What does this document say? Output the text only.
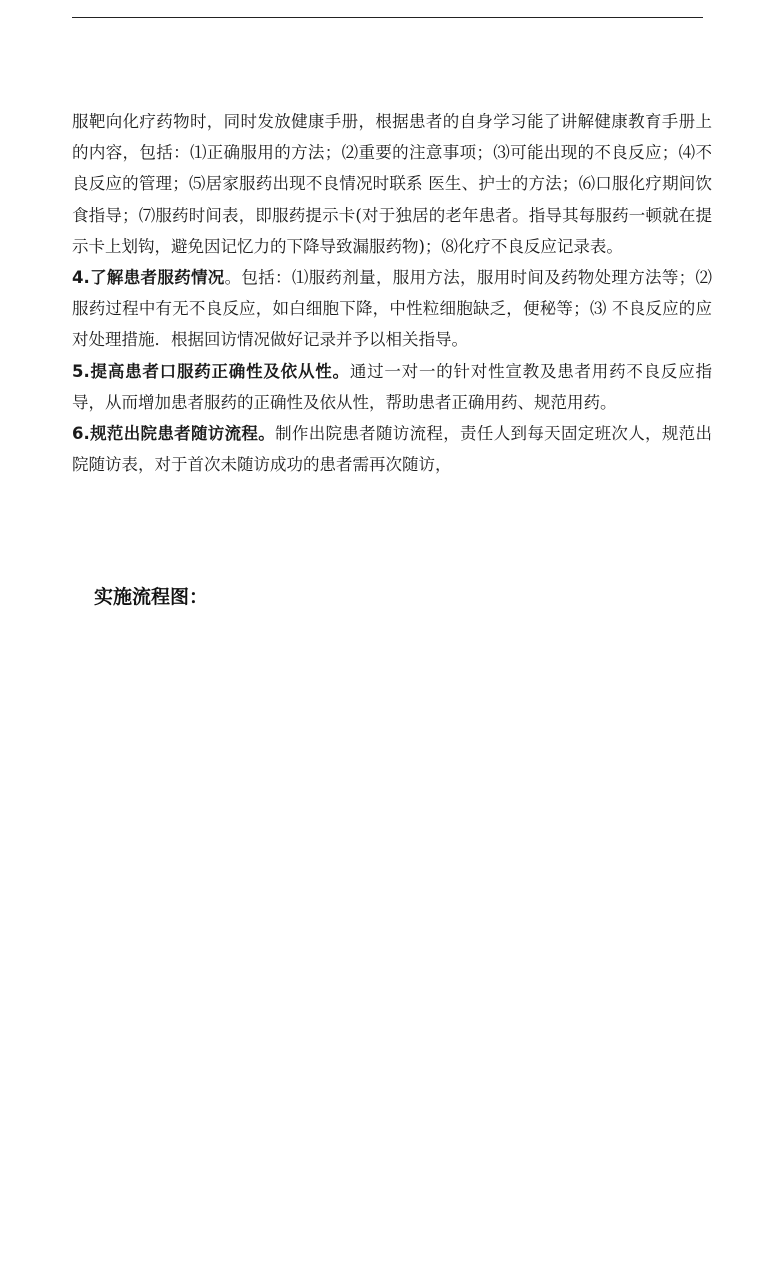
服靶向化疗药物时，同时发放健康手册，根据患者的自身学习能了讲解健康教育手册上的内容，包括：⑴正确服用的方法；⑵重要的注意事项；⑶可能出现的不良反应；⑷不良反应的管理；⑸居家服药出现不良情况时联系 医生、护士的方法；⑹口服化疗期间饮食指导；⑺服药时间表，即服药提示卡(对于独居的老年患者。指导其每服药一顿就在提示卡上划钩，避免因记忆力的下降导致漏服药物)；⑻化疗不良反应记录表。

4.了解患者服药情况。包括：⑴服药剂量，服用方法，服用时间及药物处理方法等；⑵服药过程中有无不良反应，如白细胞下降，中性粒细胞缺乏，便秘等；⑶ 不良反应的应对处理措施．根据回访情况做好记录并予以相关指导。

5.提高患者口服药正确性及依从性。通过一对一的针对性宣教及患者用药不良反应指导，从而增加患者服药的正确性及依从性，帮助患者正确用药、规范用药。

6.规范出院患者随访流程。制作出院患者随访流程，责任人到每天固定班次人，规范出院随访表，对于首次未随访成功的患者需再次随访，

实施流程图：
